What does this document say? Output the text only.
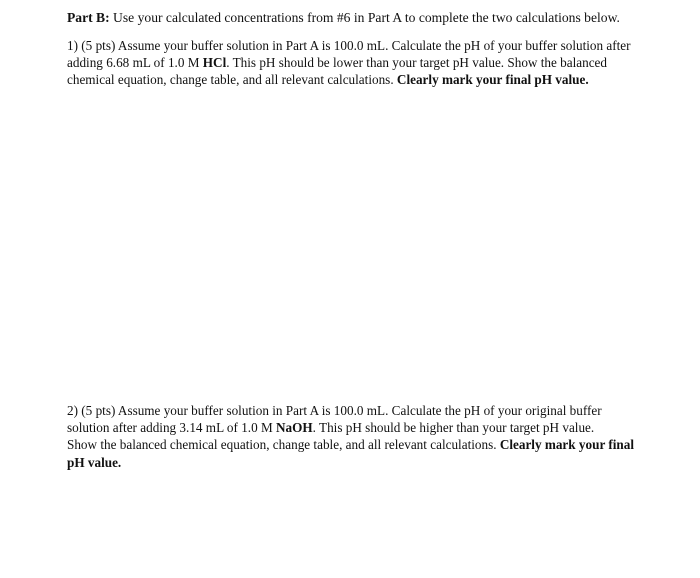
Part B: Use your calculated concentrations from #6 in Part A to complete the two calculations below.

1) (5 pts) Assume your buffer solution in Part A is 100.0 mL. Calculate the pH of your buffer solution after adding 6.68 mL of 1.0 M HCl. This pH should be lower than your target pH value. Show the balanced chemical equation, change table, and all relevant calculations. Clearly mark your final pH value.

2) (5 pts) Assume your buffer solution in Part A is 100.0 mL. Calculate the pH of your original buffer solution after adding 3.14 mL of 1.0 M NaOH. This pH should be higher than your target pH value.
Show the balanced chemical equation, change table, and all relevant calculations. Clearly mark your final pH value.
